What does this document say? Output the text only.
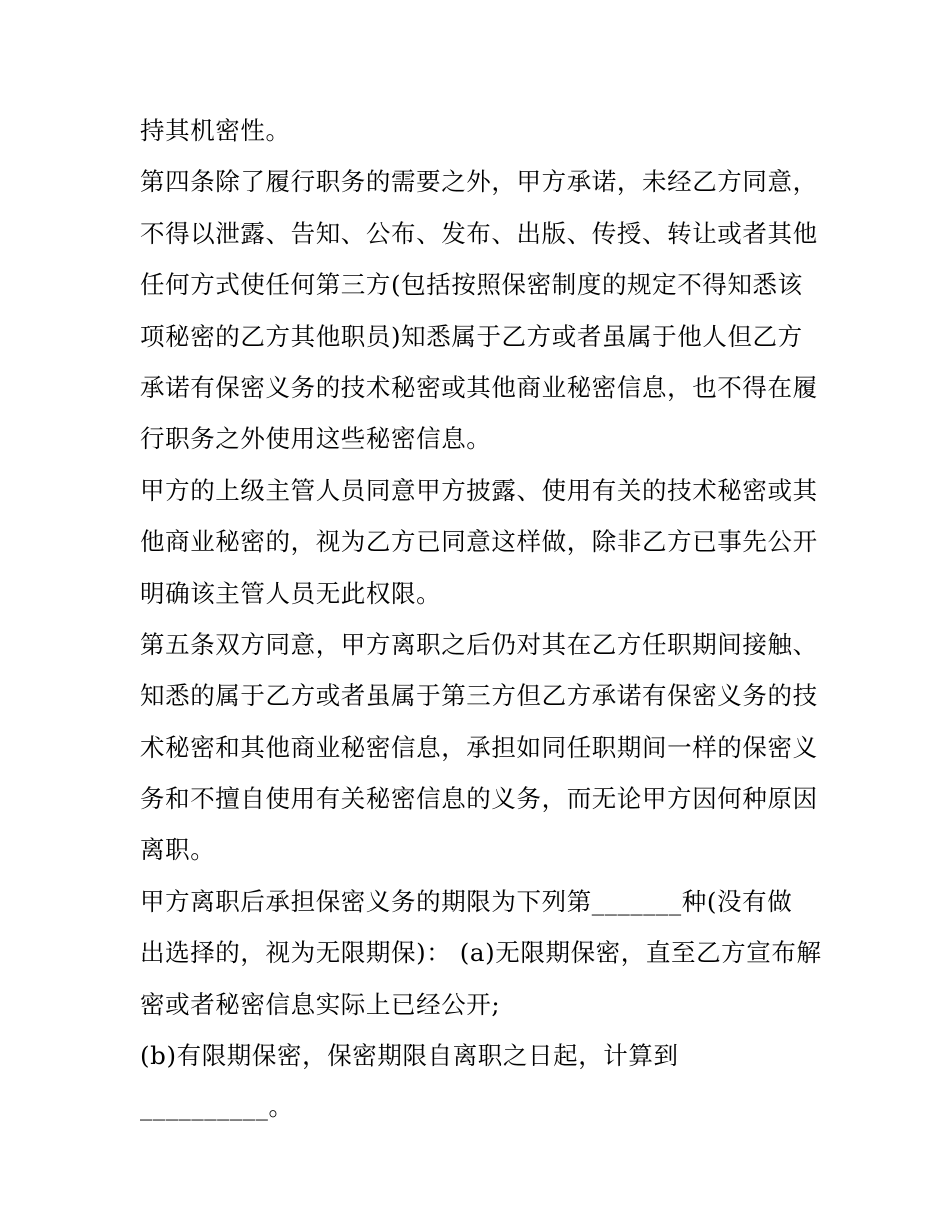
持其机密性。
第四条除了履行职务的需要之外，甲方承诺，未经乙方同意，
不得以泄露、告知、公布、发布、出版、传授、转让或者其他
任何方式使任何第三方(包括按照保密制度的规定不得知悉该
项秘密的乙方其他职员)知悉属于乙方或者虽属于他人但乙方
承诺有保密义务的技术秘密或其他商业秘密信息，也不得在履
行职务之外使用这些秘密信息。
甲方的上级主管人员同意甲方披露、使用有关的技术秘密或其
他商业秘密的，视为乙方已同意这样做，除非乙方已事先公开
明确该主管人员无此权限。
第五条双方同意，甲方离职之后仍对其在乙方任职期间接触、
知悉的属于乙方或者虽属于第三方但乙方承诺有保密义务的技
术秘密和其他商业秘密信息，承担如同任职期间一样的保密义
务和不擅自使用有关秘密信息的义务，而无论甲方因何种原因
离职。
甲方离职后承担保密义务的期限为下列第_______种(没有做
出选择的，视为无限期保)： (a)无限期保密，直至乙方宣布解
密或者秘密信息实际上已经公开;
(b)有限期保密，保密期限自离职之日起，计算到
__________。
